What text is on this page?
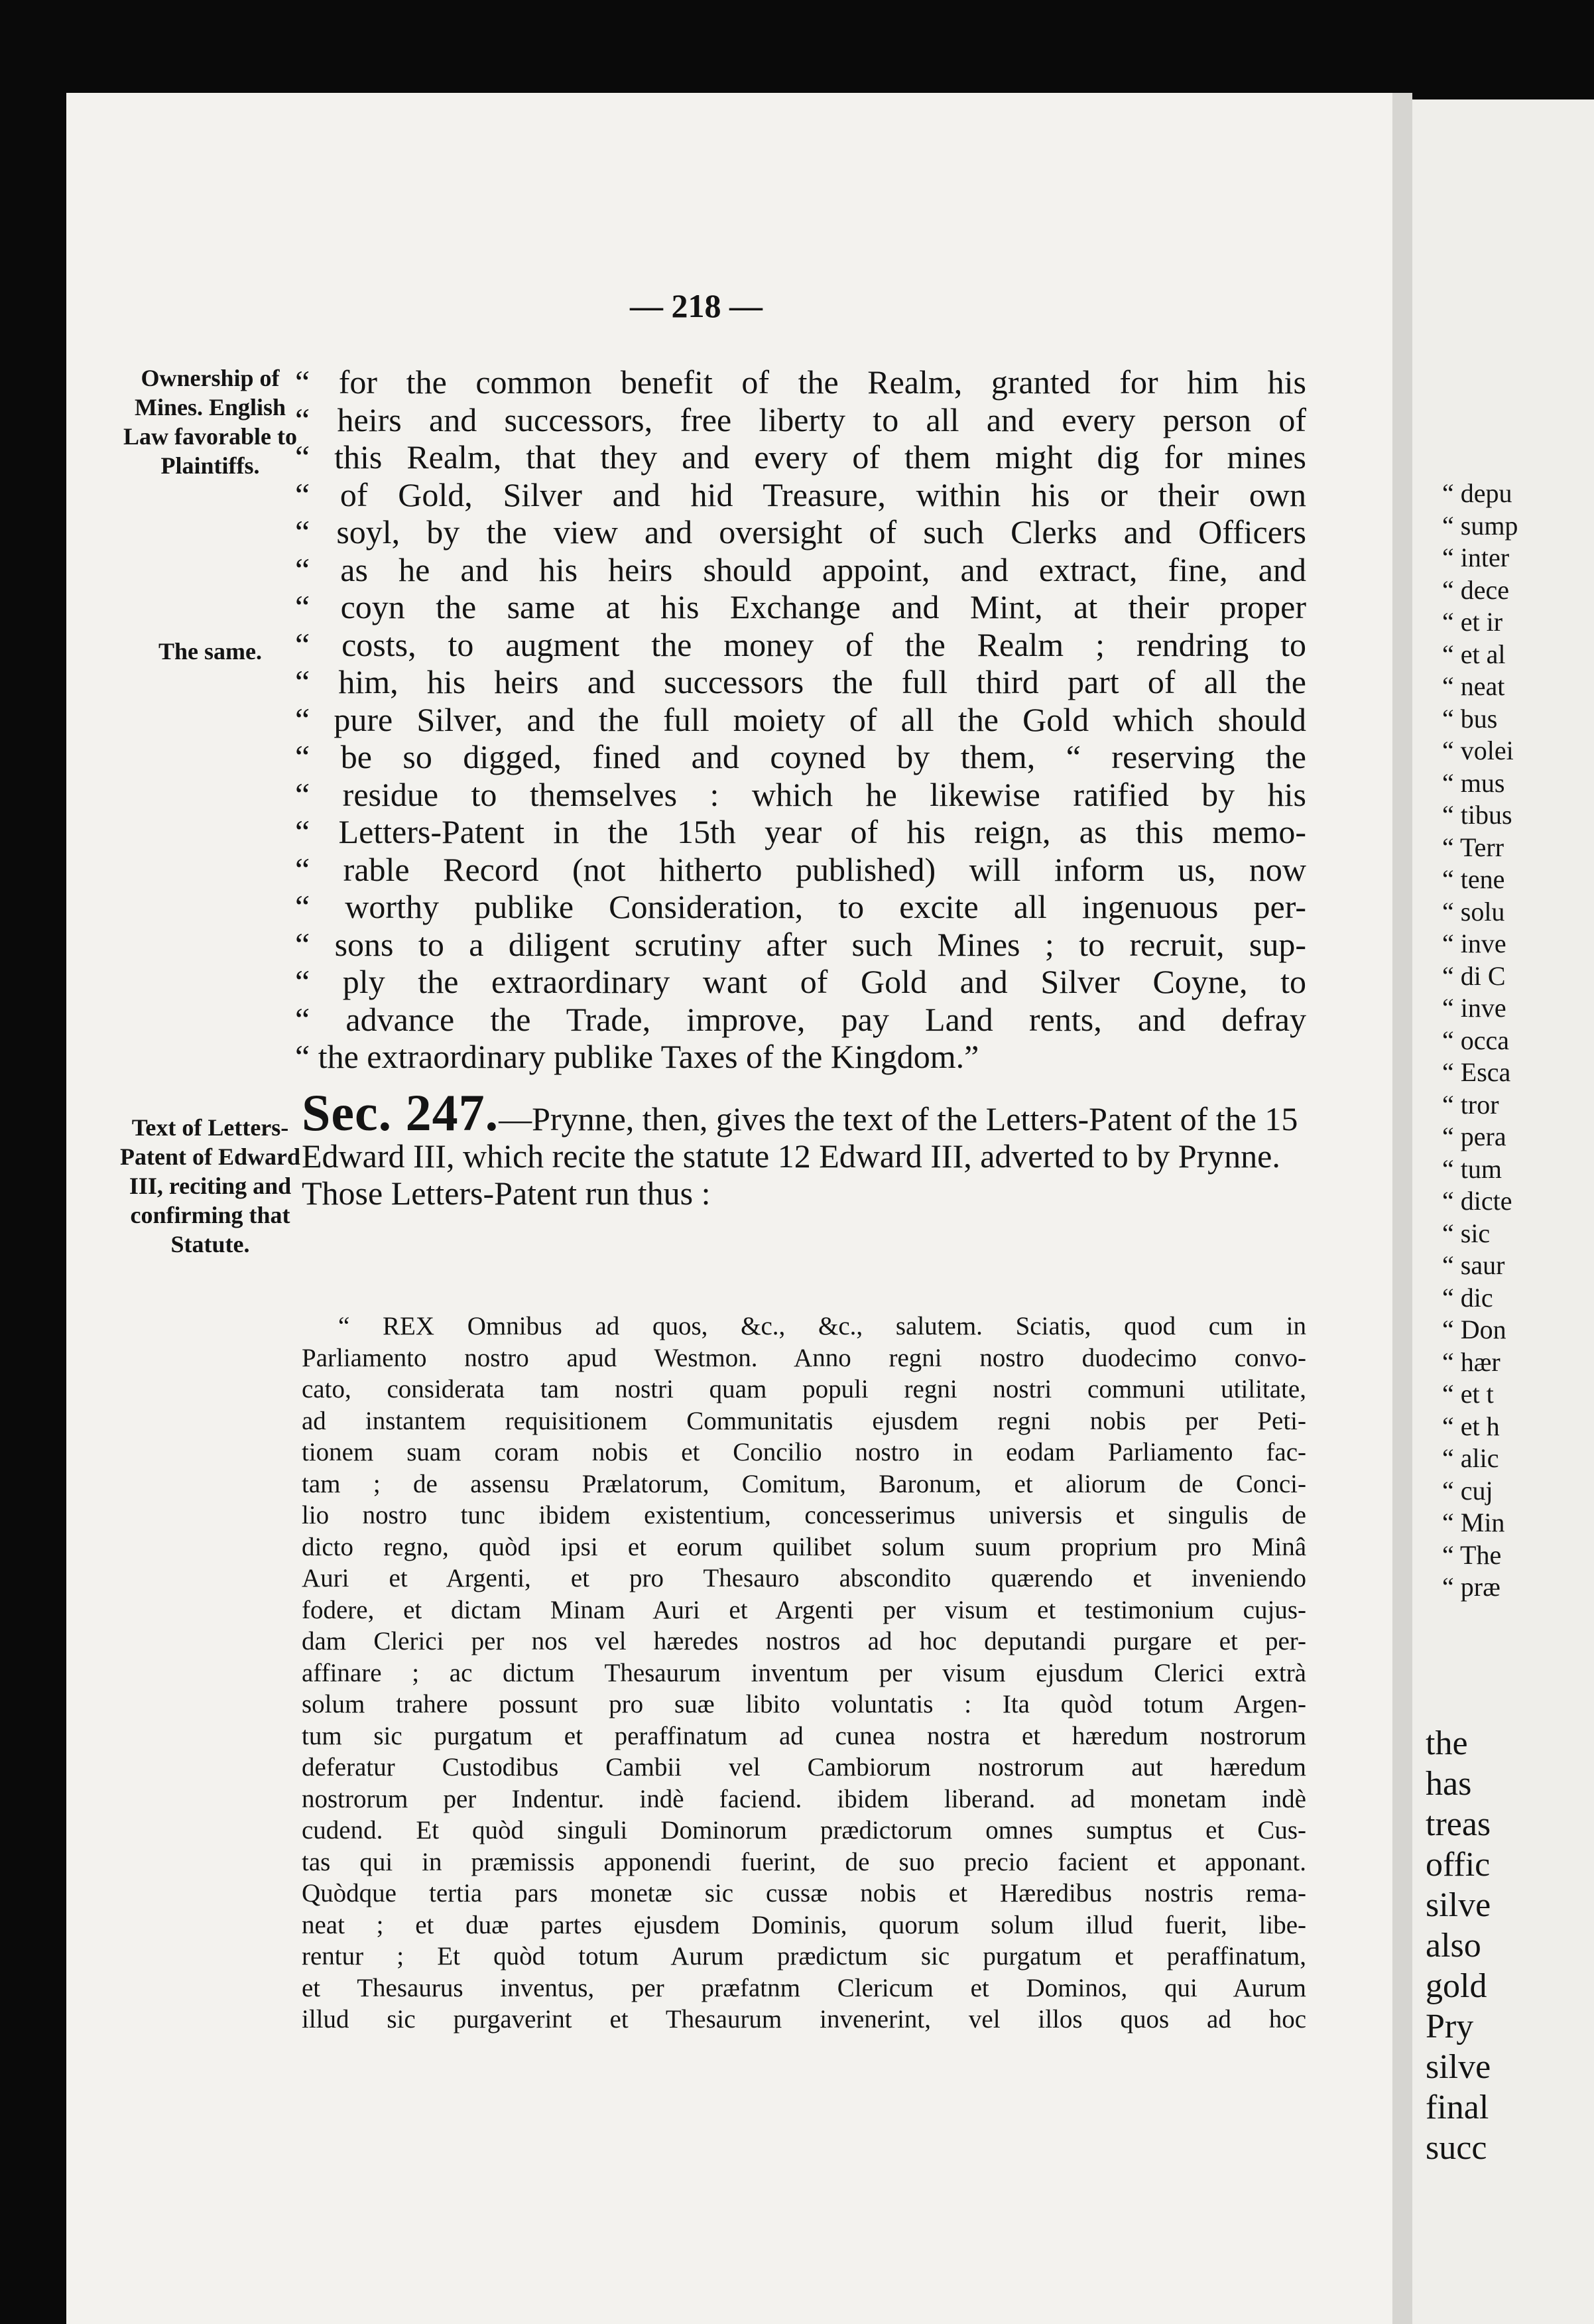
“ depu
“ sump
“ inter
“ dece
“ et ir
“ et al
“ neat
“ bus
“ volei
“ mus
“ tibus
“ Terr
“ tene
“ solu
“ inve
“ di C
“ inve
“ occa
“ Esca
“ tror
“ pera
“ tum
“ dicte
“ sic
“ saur
“ dic
“ Don
“ hær
“ et t
“ et h
“ alic
“ cuj
“ Min
“ The
“ præ
the
has
treas
offic
silve
also
gold
Pry
silve
final
succ
— 218 —
Ownership of Mines. English Law favorable to Plaintiffs.
The same.
Text of Letters-Patent of Edward III, reciting and confirming that Statute.
“ for the common benefit of the Realm, granted for him his
“ heirs and successors, free liberty to all and every person of
“ this Realm, that they and every of them might dig for mines
“ of Gold, Silver and hid Treasure, within his or their own
“ soyl, by the view and oversight of such Clerks and Officers
“ as he and his heirs should appoint, and extract, fine, and
“ coyn the same at his Exchange and Mint, at their proper
“ costs, to augment the money of the Realm ; rendring to
“ him, his heirs and successors the full third part of all the
“ pure Silver, and the full moiety of all the Gold which should
“ be so digged, fined and coyned by them, “ reserving the
“ residue to themselves : which he likewise ratified by his
“ Letters-Patent in the 15th year of his reign, as this memo-
“ rable Record (not hitherto published) will inform us, now
“ worthy publike Consideration, to excite all ingenuous per-
“ sons to a diligent scrutiny after such Mines ; to recruit, sup-
“ ply the extraordinary want of Gold and Silver Coyne, to
“ advance the Trade, improve, pay Land rents, and defray
“ the extraordinary publike Taxes of the Kingdom.”
Sec. 247.—Prynne, then, gives the text of the Letters-Patent of the 15 Edward III, which recite the statute 12 Edward III, adverted to by Prynne. Those Letters-Patent run thus :
“ REX Omnibus ad quos, &c., &c., salutem. Sciatis, quod cum in
Parliamento nostro apud Westmon. Anno regni nostro duodecimo convo-
cato, considerata tam nostri quam populi regni nostri communi utilitate,
ad instantem requisitionem Communitatis ejusdem regni nobis per Peti-
tionem suam coram nobis et Concilio nostro in eodam Parliamento fac-
tam ; de assensu Prælatorum, Comitum, Baronum, et aliorum de Conci-
lio nostro tunc ibidem existentium, concesserimus universis et singulis de
dicto regno, quòd ipsi et eorum quilibet solum suum proprium pro Minâ
Auri et Argenti, et pro Thesauro abscondito quærendo et inveniendo
fodere, et dictam Minam Auri et Argenti per visum et testimonium cujus-
dam Clerici per nos vel hæredes nostros ad hoc deputandi purgare et per-
affinare ; ac dictum Thesaurum inventum per visum ejusdum Clerici extrà
solum trahere possunt pro suæ libito voluntatis : Ita quòd totum Argen-
tum sic purgatum et peraffinatum ad cunea nostra et hæredum nostrorum
deferatur Custodibus Cambii vel Cambiorum nostrorum aut hæredum
nostrorum per Indentur. indè faciend. ibidem liberand. ad monetam indè
cudend. Et quòd singuli Dominorum prædictorum omnes sumptus et Cus-
tas qui in præmissis apponendi fuerint, de suo precio facient et apponant.
Quòdque tertia pars monetæ sic cussæ nobis et Hæredibus nostris rema-
neat ; et duæ partes ejusdem Dominis, quorum solum illud fuerit, libe-
rentur ; Et quòd totum Aurum prædictum sic purgatum et peraffinatum,
et Thesaurus inventus, per præfatnm Clericum et Dominos, qui Aurum
illud sic purgaverint et Thesaurum invenerint, vel illos quos ad hoc
